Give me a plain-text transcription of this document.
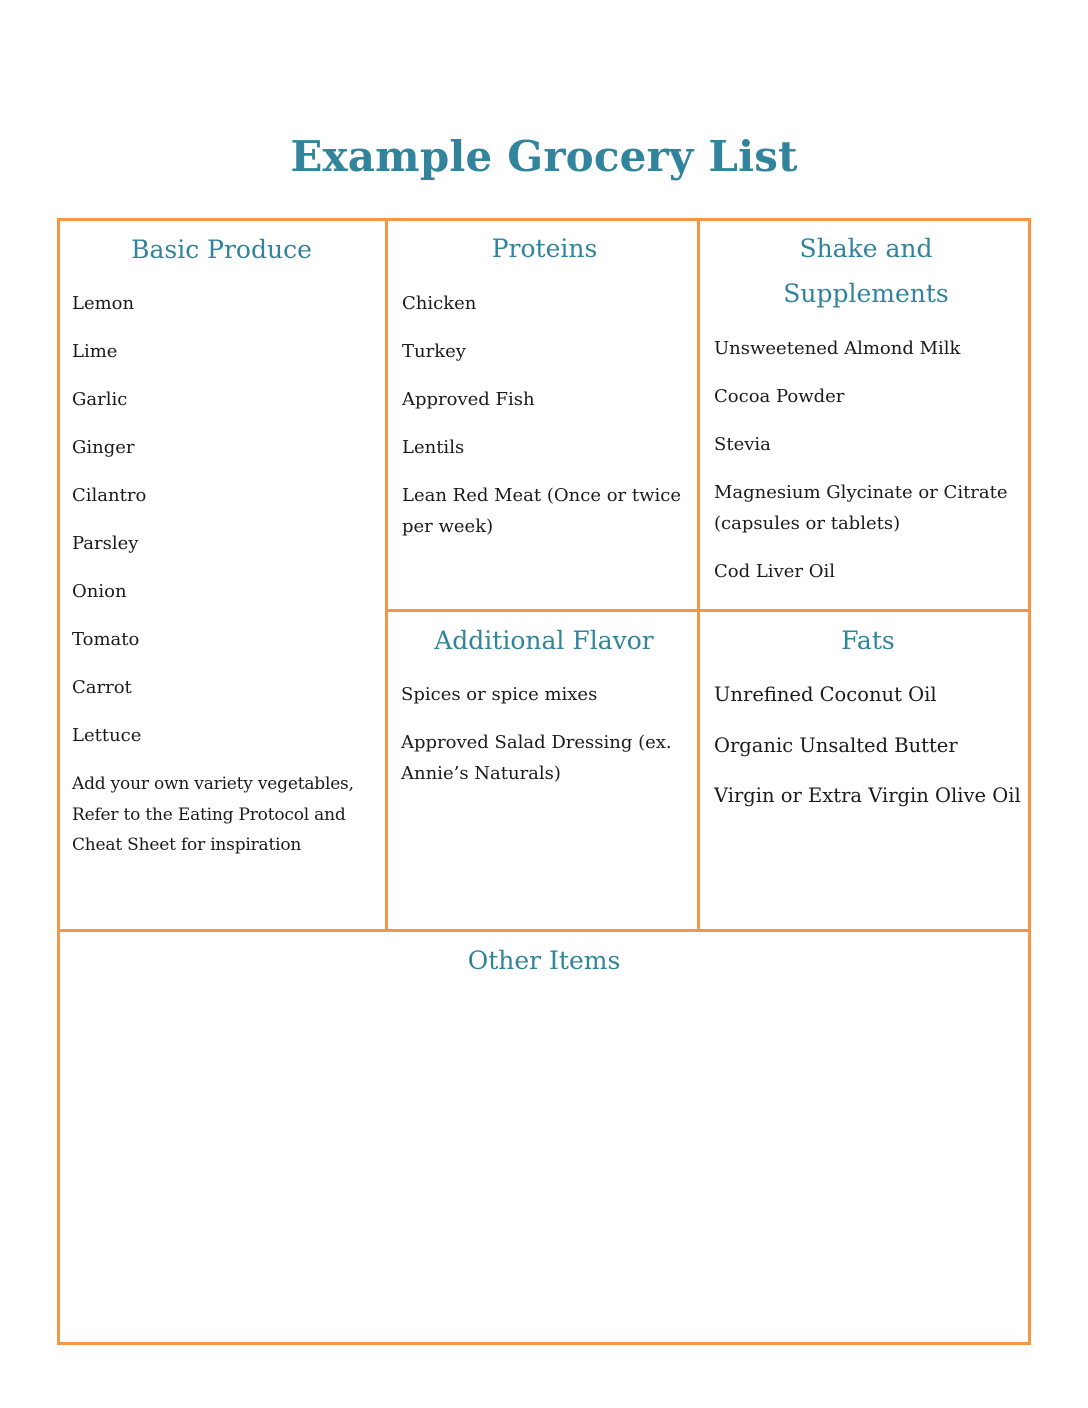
Example Grocery List
Basic Produce
Lemon
Lime
Garlic
Ginger
Cilantro
Parsley
Onion
Tomato
Carrot
Lettuce
Add your own variety vegetables, Refer to the Eating Protocol and Cheat Sheet for inspiration
Proteins
Chicken
Turkey
Approved Fish
Lentils
Lean Red Meat (Once or twice per week)
Shake and Supplements
Unsweetened Almond Milk
Cocoa Powder
Stevia
Magnesium Glycinate or Citrate (capsules or tablets)
Cod Liver Oil
Additional Flavor
Spices or spice mixes
Approved Salad Dressing (ex. Annie’s Naturals)
Fats
Unrefined Coconut Oil
Organic Unsalted Butter
Virgin or Extra Virgin Olive Oil
Other Items
